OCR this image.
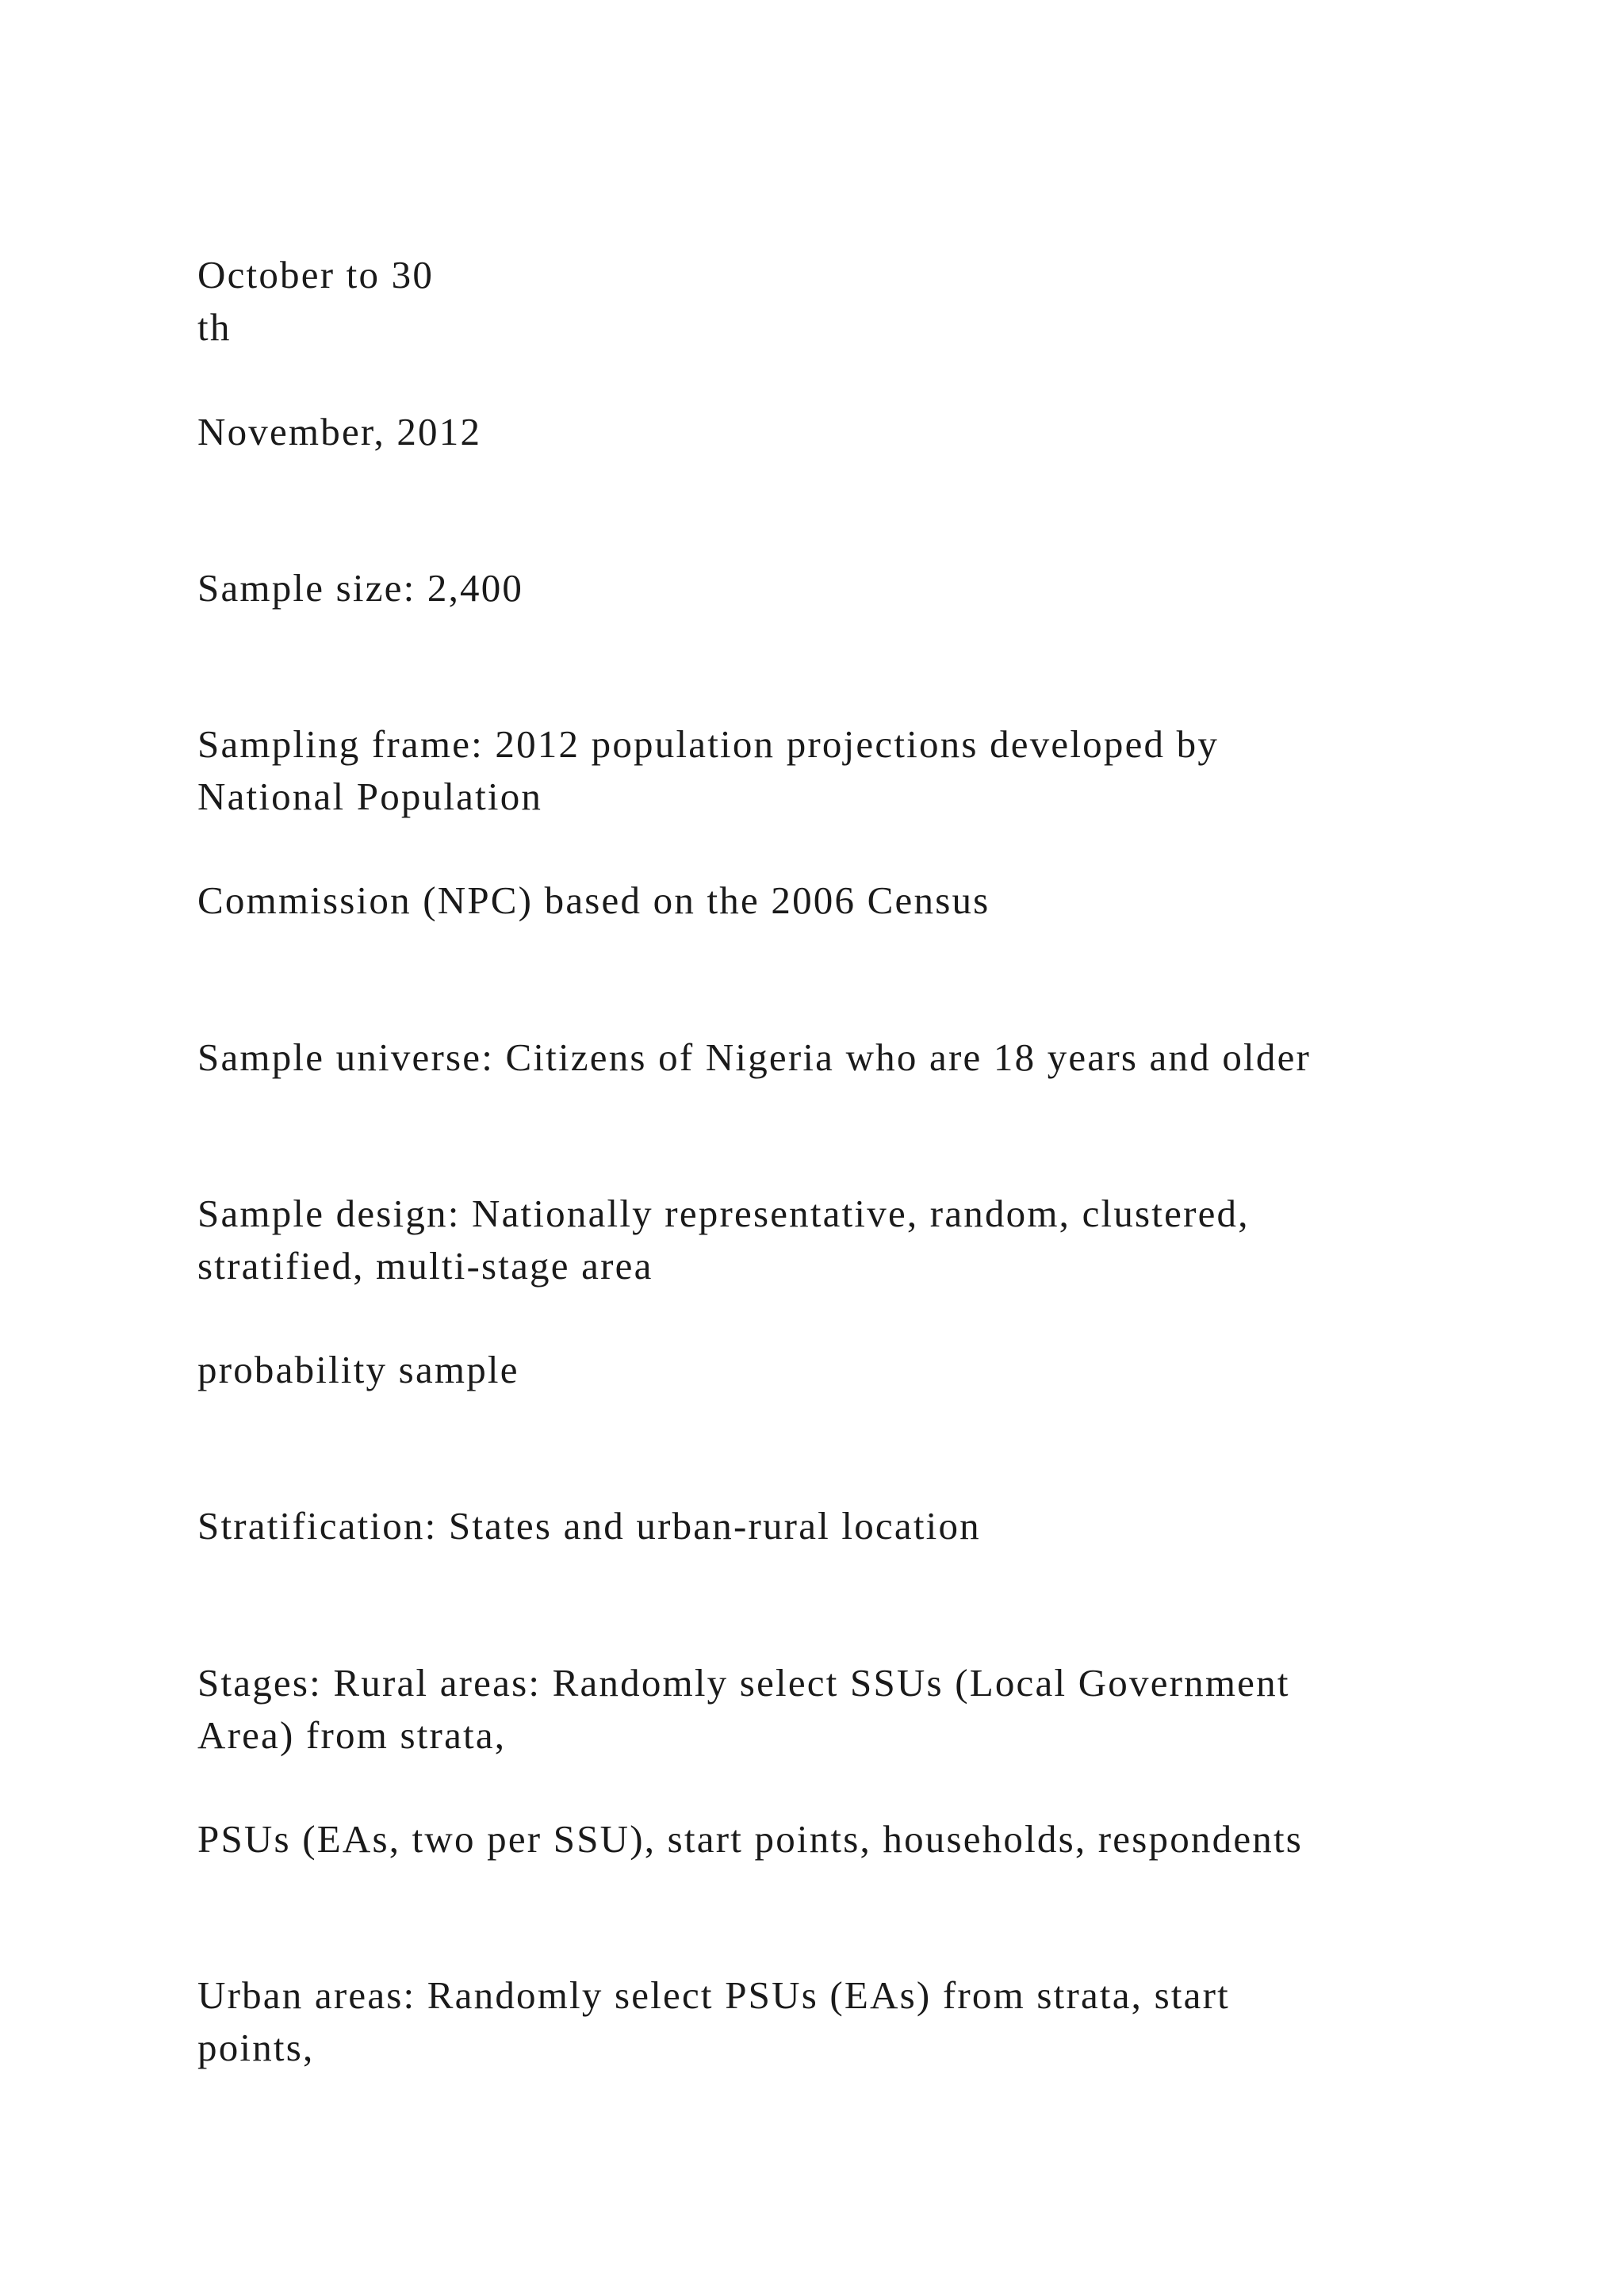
October to 30

th

November, 2012

Sample size: 2,400

Sampling frame: 2012 population projections developed by

National Population

Commission (NPC) based on the 2006 Census

Sample universe: Citizens of Nigeria who are 18 years and older

Sample design: Nationally representative, random, clustered,

stratified, multi-stage area

probability sample

Stratification: States and urban-rural location

Stages: Rural areas: Randomly select SSUs (Local Government

Area) from strata,

PSUs (EAs, two per SSU), start points, households, respondents

Urban areas: Randomly select PSUs (EAs) from strata, start

points,
